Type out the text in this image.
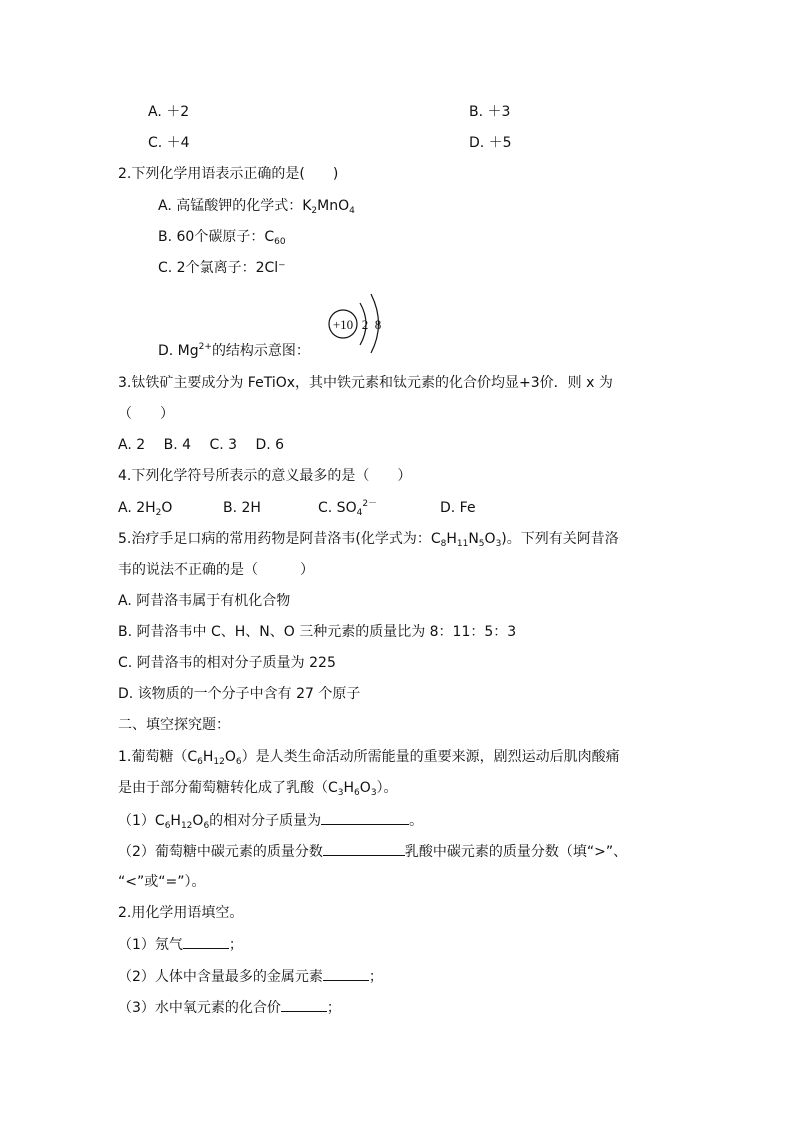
A. ＋2	B. ＋3
C. ＋4	D. ＋5
2.下列化学用语表示正确的是(　　)
A. 高锰酸钾的化学式：$K_2MnO_4$
B. 60个碳原子：$C_{60}$
C. 2个氯离子：2Cl⁻
+10 2 8
D. $Mg^{2+}$的结构示意图：
3.钛铁矿主要成分为 FeTiOx，其中铁元素和钛元素的化合价均显+3价．则 x 为
（　　）
A. 2　 B. 4　 C. 3　 D. 6
4.下列化学符号所表示的意义最多的是（　　）
A. $2H_2O$	B. 2H	C. $SO_4^{2-}$	D. Fe
5.治疗手足口病的常用药物是阿昔洛韦(化学式为：$C_8H_{11}N_5O_3$)。下列有关阿昔洛
韦的说法不正确的是（　　　）
A. 阿昔洛韦属于有机化合物
B. 阿昔洛韦中 C、H、N、O 三种元素的质量比为 8：11：5：3
C. 阿昔洛韦的相对分子质量为 225
D. 该物质的一个分子中含有 27 个原子
二、填空探究题：
1.葡萄糖$(C_6H_{12}O_6)$是人类生命活动所需能量的重要来源，剧烈运动后肌肉酸痛
是由于部分葡萄糖转化成了乳酸$(C_3H_6O_3)$。
$(1)C_6H_{12}O_6$的相对分子质量为	。
（2）葡萄糖中碳元素的质量分数	乳酸中碳元素的质量分数（填“>”、
“<”或“=”）。
2.用化学用语填空。
（1）氖气	；
（2）人体中含量最多的金属元素	；
（3）水中氧元素的化合价	；
